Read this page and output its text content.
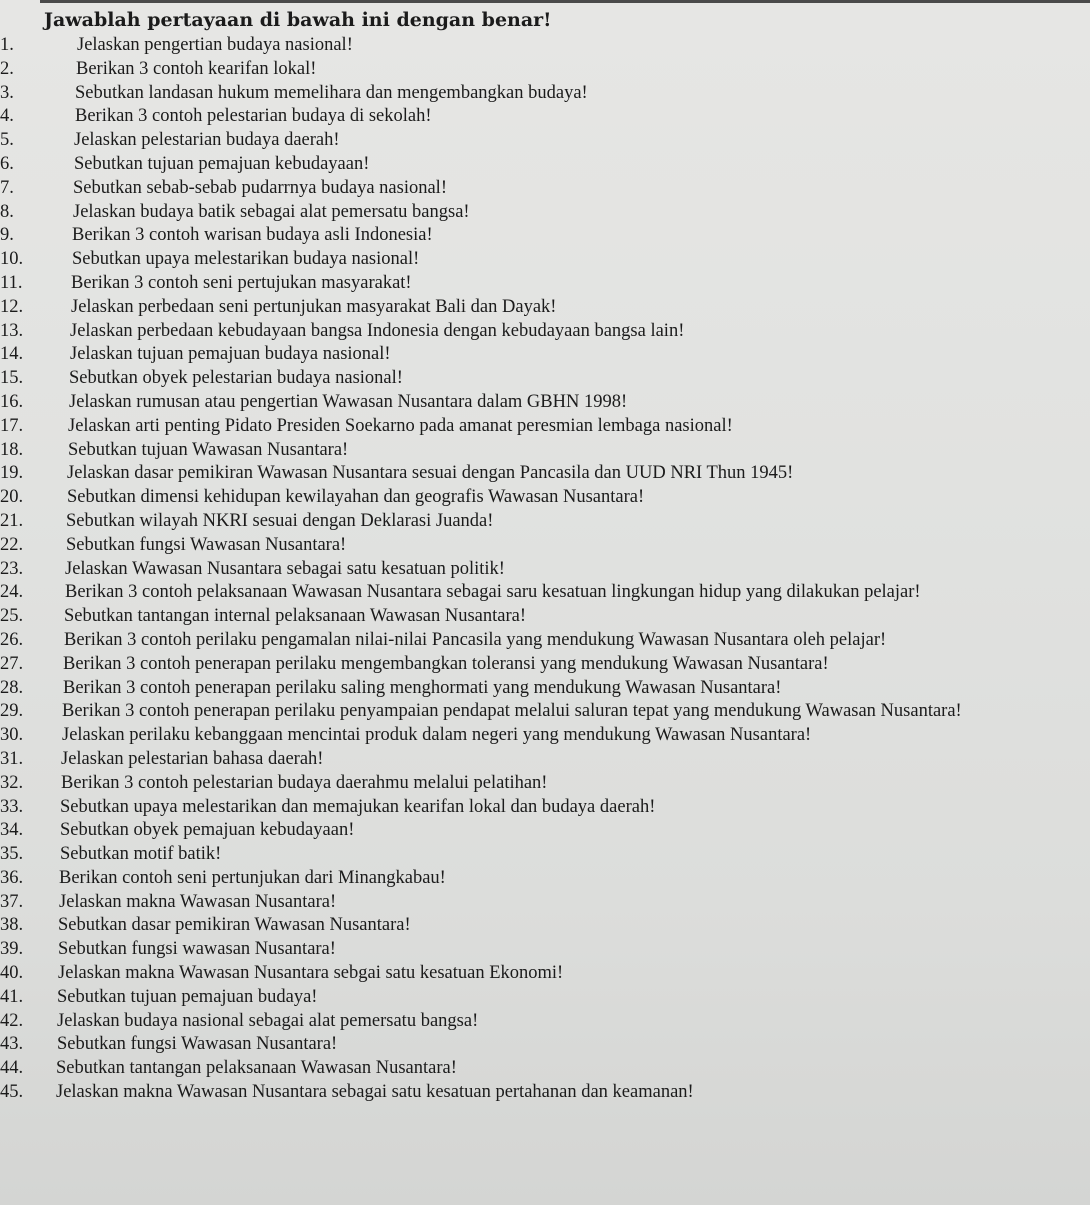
Jawablah pertayaan di bawah ini dengan benar!
1.	Jelaskan pengertian budaya nasional!
2.	Berikan 3 contoh kearifan lokal!
3.	Sebutkan landasan hukum memelihara dan mengembangkan budaya!
4.	Berikan 3 contoh pelestarian budaya di sekolah!
5.	Jelaskan pelestarian budaya daerah!
6.	Sebutkan tujuan pemajuan kebudayaan!
7.	Sebutkan sebab-sebab pudarrnya budaya nasional!
8.	Jelaskan budaya batik sebagai alat pemersatu bangsa!
9.	Berikan 3 contoh warisan budaya asli Indonesia!
10.	Sebutkan upaya melestarikan budaya nasional!
11.	Berikan 3 contoh seni pertujukan masyarakat!
12.	Jelaskan perbedaan seni pertunjukan masyarakat Bali dan Dayak!
13.	Jelaskan perbedaan kebudayaan bangsa Indonesia dengan kebudayaan bangsa lain!
14.	Jelaskan tujuan pemajuan budaya nasional!
15. Sebutkan obyek pelestarian budaya nasional!
16. Jelaskan rumusan atau pengertian Wawasan Nusantara dalam GBHN 1998!
17. Jelaskan arti penting Pidato Presiden Soekarno pada amanat peresmian lembaga nasional!
18. Sebutkan tujuan Wawasan Nusantara!
19. Jelaskan dasar pemikiran Wawasan Nusantara sesuai dengan Pancasila dan UUD NRI Thun 1945!
20. Sebutkan dimensi kehidupan kewilayahan dan geografis Wawasan Nusantara!
21. Sebutkan wilayah NKRI sesuai dengan Deklarasi Juanda!
22. Sebutkan fungsi Wawasan Nusantara!
23. Jelaskan Wawasan Nusantara sebagai satu kesatuan politik!
24. Berikan 3 contoh pelaksanaan Wawasan Nusantara sebagai saru kesatuan lingkungan hidup yang dilakukan pelajar!
25. Sebutkan tantangan internal pelaksanaan Wawasan Nusantara!
26. Berikan 3 contoh perilaku pengamalan nilai-nilai Pancasila yang mendukung Wawasan Nusantara oleh pelajar!
27. Berikan 3 contoh penerapan perilaku mengembangkan toleransi yang mendukung Wawasan Nusantara!
28. Berikan 3 contoh penerapan perilaku saling menghormati yang mendukung Wawasan Nusantara!
29. Berikan 3 contoh penerapan perilaku penyampaian pendapat melalui saluran tepat yang mendukung Wawasan Nusantara!
30. Jelaskan perilaku kebanggaan mencintai produk dalam negeri yang mendukung Wawasan Nusantara!
31. Jelaskan pelestarian bahasa daerah!
32. Berikan 3 contoh pelestarian budaya daerahmu melalui pelatihan!
33. Sebutkan upaya melestarikan dan memajukan kearifan lokal dan budaya daerah!
34. Sebutkan obyek pemajuan kebudayaan!
35. Sebutkan motif batik!
36. Berikan contoh seni pertunjukan dari Minangkabau!
37. Jelaskan makna Wawasan Nusantara!
38. Sebutkan dasar pemikiran Wawasan Nusantara!
39. Sebutkan fungsi wawasan Nusantara!
40. Jelaskan makna Wawasan Nusantara sebgai satu kesatuan Ekonomi!
41. Sebutkan tujuan pemajuan budaya!
42. Jelaskan budaya nasional sebagai alat pemersatu bangsa!
43. Sebutkan fungsi Wawasan Nusantara!
44. Sebutkan tantangan pelaksanaan Wawasan Nusantara!
45. Jelaskan makna Wawasan Nusantara sebagai satu kesatuan pertahanan dan keamanan!
